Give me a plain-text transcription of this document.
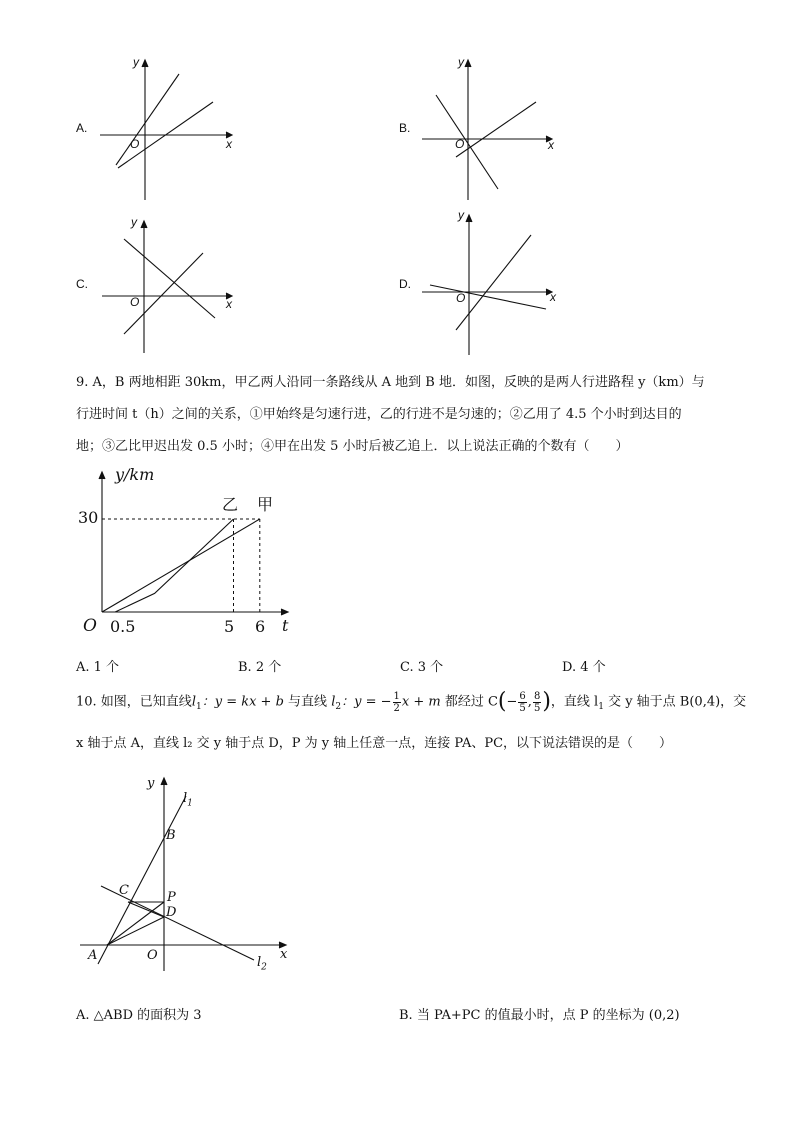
A.
y
x
O
B.
y
x
O
C.
y
x
O
D.
y
x
O
9. A，B 两地相距 30km，甲乙两人沿同一条路线从 A 地到 B 地．如图，反映的是两人行进路程 y（km）与
行进时间 t（h）之间的关系，①甲始终是匀速行进，乙的行进不是匀速的；②乙用了 4.5 个小时到达目的
地；③乙比甲迟出发 0.5 小时；④甲在出发 5 小时后被乙追上．以上说法正确的个数有（　　）
y/km
t
O 0.5	5 6
30
乙 甲
A. 1 个	B. 2 个	C. 3 个	D. 4 个
10. 如图，已知直线$l_1$：y = kx + b 与直线 $l_2$：y = − $\frac{1}{2}$ x + m 都经过 $C(- \frac{6}{5}$ , $\frac{8}{5}$ )，直线 $l_1$ 交 y 轴于点 B(0,4)，交
x 轴于点 A，直线 l₂ 交 y 轴于点 D，P 为 y 轴上任意一点，连接 PA、PC，以下说法错误的是（　　）
y
x
$l_1$
$l_2$
B
C	P
D
A	O
A. △ABD 的面积为 3	B. 当 PA+PC 的值最小时，点 P 的坐标为 (0,2)
